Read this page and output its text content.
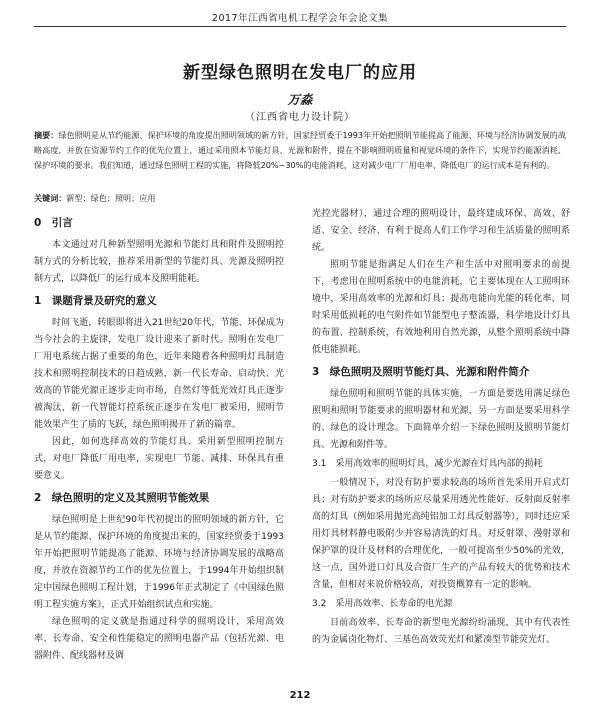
2017年江西省电机工程学会年会论文集
新型绿色照明在发电厂的应用
万淼
（江西省电力设计院）
摘要：绿色照明是从节约能源、保护环境的角度提出照明领域的新方针，国家经贸委于1993年开始把照明节能提高了能源、环境与经济协调发展的战略高度，并放在资源节约工作的优先位置上，通过采用照本节能灯具、光源和附件，提在不影响照明质量和视觉环境的条件下，实现节约能源消耗、保护环境的要求。我们知道，通过绿色照明工程的实施，将降低20%~30%的电能消耗，这对减少电厂厂用电率、降低电厂的运行成本是有利的。
关键词：新型；绿色；照明；应用
0　引言

本文通过对几种新型照明光源和节能灯具和附件及照明控制方式的分析比较，推荐采用新型的节能灯具、光源及照明控制方式，以降低厂的运行成本及照明能耗。

1　课题背景及研究的意义

时间飞逝，转眼即将进入21世纪20年代，节能、环保成为当今社会的主旋律，发电厂设计迎来了新时代。照明在发电厂厂用电系统占据了重要的角色，近年来随着各种照明灯具制造技术和照明控制技术的日趋成熟，新一代长寿命、启动快、光效高的节能光源正逐步走向市场，自然灯等低光效灯具正逐步被淘汰，新一代智能灯控系统正逐步在发电厂被采用，照明节能效果产生了质的飞跃，绿色照明揭开了新的篇章。

因此，如何选择高效的节能灯具、采用新型照明控制方式，对电厂降低厂用电率，实现电厂节能、减排、环保具有重要意义。

2　绿色照明的定义及其照明节能效果

绿色照明是上世纪90年代初提出的照明领域的新方针，它是从节约能源、保护环境的角度提出来的，国家经贸委于1993年开始把照明节能提高了能源、环境与经济协调发展的战略高度，并放在资源节约工作的优先位置上，于1994年开始组织制定中国绿色照明工程计划，于1996年正式制定了《中国绿色照明工程实施方案》，正式开始组织试点和实施。

绿色照明的定义就是指通过科学的照明设计，采用高效率、长寿命、安全和性能稳定的照明电器产品（包括光源、电器附件、配线器材及调

光控光器材），通过合理的照明设计，最终建成环保、高效、舒适、安全、经济、有利于提高人们工作学习和生活质量的照明系统。

照明节能是指满足人们在生产和生活中对照明要求的前提下，考虑用在照明系统中的电能消耗，它主要体现在人工照明环境中，采用高效率的光源和灯具；提高电能向光能的转化率，同时采用低损耗的电气附件如节能型电子整流器，科学地设计灯具的布置、控制系统，有效地利用自然光源，从整个照明系统中降低电能损耗。

3　绿色照明及照明节能灯具、光源和附件简介

绿色照明和照明节能的具体实施，一方面是要选用满足绿色照明和照明节能要求的照明器材和光源，另一方面是要采用科学的、绿色的设计理念。下面简单介绍一下绿色照明及照明节能灯具、光源和附件等。

3.1　采用高效率的照明灯具，减少光源在灯具内部的损耗

一般情况下，对没有防护要求较高的场所首先采用开启式灯具；对有防护要求的场所应尽量采用透光性能好、反射面反射率高的灯具（例如采用抛光高纯铝加工灯具反射器等），同时还应采用灯具材料静电吸附少并容易清洗的灯具。对反射罩、漫射罩和保护罩的设计及材料的合理优化，一般可提高至少50%的光效，这一点，国外进口灯具及合资厂生产的产品有较大的优势和技术含量，但相对来说价格较高，对投资概算有一定的影响。

3.2　采用高效率、长寿命的电光源

目前高效率、长寿命的新型电光源纷纷涌现，其中有代表性的为金属卤化物灯、三基色高效荧光灯和紧凑型节能荧光灯。

212
